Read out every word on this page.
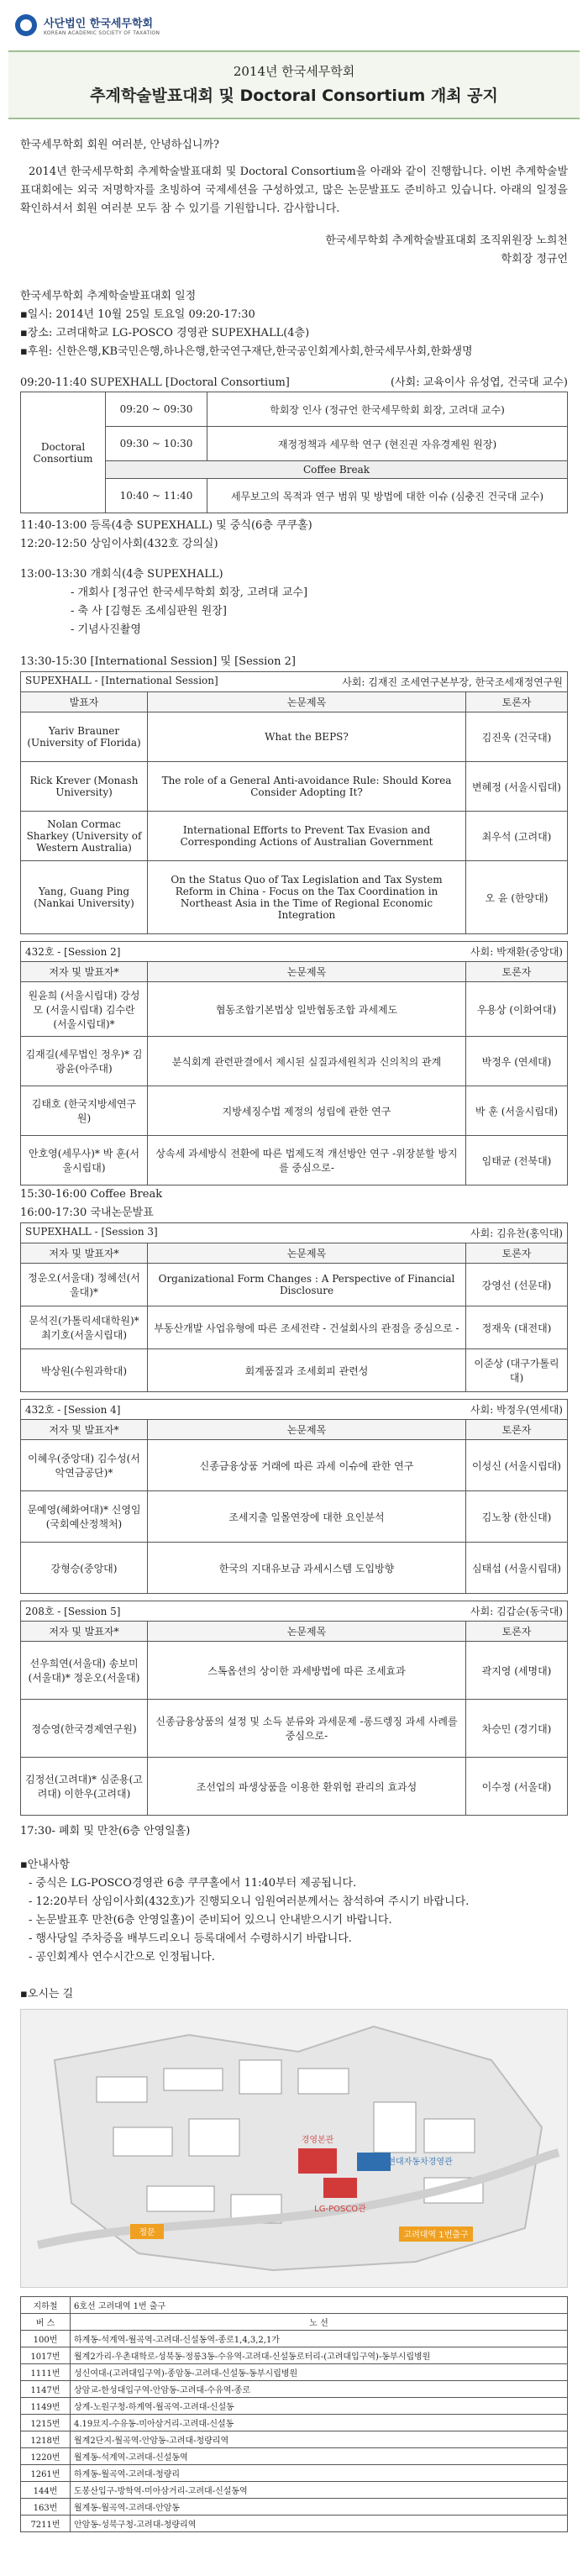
사단법인 한국세무학회
KOREAN ACADEMIC SOCIETY OF TAXATION
2014년 한국세무학회
추계학술발표대회 및 Doctoral Consortium 개최 공지
한국세무학회 회원 여러분, 안녕하십니까?
2014년 한국세무학회 추계학술발표대회 및 Doctoral Consortium을 아래와 같이 진행합니다. 이번 추계학술발표대회에는 외국 저명학자를 초빙하여 국제세션을 구성하였고, 많은 논문발표도 준비하고 있습니다. 아래의 일정을 확인하셔서 회원 여러분 모두 참 수 있기를 기원합니다. 감사합니다.
한국세무학회 추계학술발표대회 조직위원장 노희천
학회장 정규언
한국세무학회 추계학술발표대회 일정
▪일시: 2014년 10월 25일 토요일 09:20-17:30
▪장소: 고려대학교 LG-POSCO 경영관 SUPEXHALL(4층)
▪후원: 신한은행,KB국민은행,하나은행,한국연구재단,한국공인회계사회,한국세무사회,한화생명
09:20-11:40 SUPEXHALL [Doctoral Consortium]	(사회: 교육이사 유성엽, 건국대 교수)
Doctoral Consortium	09:20 ~ 09:30	학회장 인사 (정규언 한국세무학회 회장, 고려대 교수)
	09:30 ~ 10:30	재정정책과 세무학 연구 (현진권 자유경제원 원장)
	Coffee Break	
	10:40 ~ 11:40	세무보고의 목적과 연구 범위 및 방법에 대한 이슈 (심충진 건국대 교수)
11:40-13:00 등록(4층 SUPEXHALL) 및 중식(6층 쿠쿠홀)
12:20-12:50 상임이사회(432호 강의실)
13:00-13:30 개회식(4층 SUPEXHALL)
- 개회사 [정규언 한국세무학회 회장, 고려대 교수]
- 축 사 [김형돈 조세심판원 원장]
- 기념사진촬영
13:30-15:30 [International Session] 및 [Session 2]
SUPEXHALL - [International Session] 사회: 김재진 조세연구본부장, 한국조세재정연구원		

발표자	논문제목	토론자
Yariv Brauner (University of Florida)	What the BEPS?	김진욱 (건국대)
Rick Krever (Monash University)	The role of a General Anti-avoidance Rule: Should Korea Consider Adopting It?	변혜정 (서울시립대)
Nolan Cormac Sharkey (University of Western Australia)	International Efforts to Prevent Tax Evasion and Corresponding Actions of Australian Government	최우석 (고려대)
Yang, Guang Ping (Nankai University)	On the Status Quo of Tax Legislation and Tax System Reform in China - Focus on the Tax Coordination in Northeast Asia in the Time of Regional Economic Integration	오 윤 (한양대)
432호 - [Session 2] 사회: 박재환(중앙대)		

저자 및 발표자*	논문제목	토론자
원윤희 (서울시립대) 강성모 (서울시립대) 김수란 (서울시립대)*	협동조합기본법상 일반협동조합 과세제도	우용상 (이화여대)
김재길(세무법인 정우)* 김광윤(아주대)	분식회계 관련판결에서 제시된 실질과세원칙과 신의칙의 관계	박정우 (연세대)
김태호 (한국지방세연구원)	지방세징수법 제정의 성립에 관한 연구	박 훈 (서울시립대)
안호영(세무사)* 박 훈(서울시립대)	상속세 과세방식 전환에 따른 법제도적 개선방안 연구 -위장분할 방지를 중심으로-	임태균 (전북대)
15:30-16:00 Coffee Break
16:00-17:30 국내논문발표
SUPEXHALL - [Session 3] 사회: 김유찬(홍익대)		

저자 및 발표자*	논문제목	토론자
정운오(서울대) 정혜선(서울대)*	Organizational Form Changes : A Perspective of Financial Disclosure	강영선 (선문대)
문석진(가톨릭세대학원)* 최기호(서울시립대)	부동산개발 사업유형에 따른 조세전략 - 건설회사의 관점을 중심으로 -	정재욱 (대전대)
박상원(수원과학대)	회계품질과 조세회피 관련성	이준상 (대구가톨릭대)
432호 - [Session 4] 사회: 박정우(연세대)		

저자 및 발표자*	논문제목	토론자
이혜우(중앙대) 김수성(서악연금공단)*	신종금융상품 거래에 따른 과세 이슈에 관한 연구	이성신 (서울시립대)
문예영(혜화여대)* 신영임(국회예산정책처)	조세지출 일몰연장에 대한 요인분석	김노창 (한신대)
강형승(중앙대)	한국의 지대유보금 과세시스템 도입방향	심태섭 (서울시립대)
208호 - [Session 5] 사회: 김갑순(동국대)		

저자 및 발표자*	논문제목	토론자
선우희연(서울대) 송보미(서울대)* 정운오(서울대)	스톡옵션의 상이한 과세방법에 따른 조세효과	곽지영 (세명대)
정승영(한국경제연구원)	신종금융상품의 설정 및 소득 분류와 과세문제 -롱드렝징 과세 사례를 중심으로-	차승민 (경기대)
김정선(고려대)* 심준용(고려대) 이한우(고려대)	조선업의 파생상품을 이용한 환위험 관리의 효과성	이수정 (서울대)
17:30- 폐회 및 만찬(6층 안영일홀)
▪안내사항
- 중식은 LG-POSCO경영관 6층 쿠쿠홀에서 11:40부터 제공됩니다.
- 12:20부터 상임이사회(432호)가 진행되오니 임원여러분께서는 참석하여 주시기 바랍니다.
- 논문발표후 만찬(6층 안영일홀)이 준비되어 있으니 안내받으시기 바랍니다.
- 행사당일 주차증을 배부드리오니 등록대에서 수령하시기 바랍니다.
- 공인회계사 연수시간으로 인정됩니다.
▪오시는 길
경영본관
LG-POSCO관
현대자동차경영관
정문	고려대역 1번출구
지하철	6호선 고려대역 1번 출구
버 스	노 선
100번	하계동-석계역-월곡역-고려대-신설동역-종로1,4,3,2,1가
1017번	월계2가리-우촌대학로-성북동-정릉3동-수유역-고려대-신설동로터리-(고려대입구역)-동부시립병원
1111번	성신여대-(고려대입구역)-종암동-고려대-신설동-동부시립병원
1147번	상암교-한성대입구역-안암동-고려대-수유역-종로
1149번	상계-노원구청-하계역-월곡역-고려대-신설동
1215번	4.19묘지-수유동-미아삼거리-고려대-신설동
1218번	월계2단지-월곡역-안암동-고려대-청량리역
1220번	월계동-석계역-고려대-신설동역
1261번	하계동-월곡역-고려대-청량리
144번	도봉산입구-방학역-미아삼거리-고려대-신설동역
163번	월계동-월곡역-고려대-안암동
7211번	안암동-성북구청-고려대-청량리역
